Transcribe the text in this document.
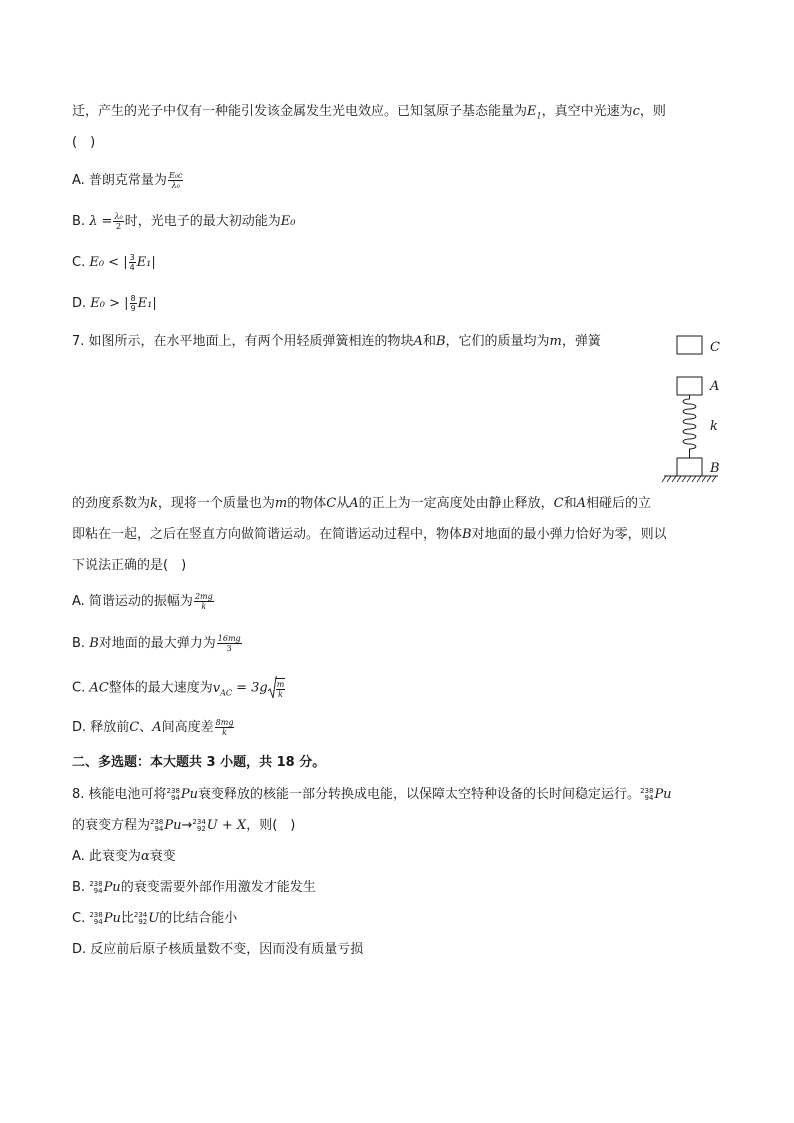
迁，产生的光子中仅有一种能引发该金属发生光电效应。已知氢原子基态能量为$E_1$，真空中光速为c，则
(　)
A. 普朗克常量为 $\frac{\text{E₀c}}{\text{λ₀}}$
B. $\lambda = \frac{\text{λ₀}}{2}$ 时，光电子的最大初动能为E₀
C. E₀ < | $\frac{3}{4} E_1|$
D. E₀ > | $\frac{8}{9} E_1|$
7. 如图所示，在水平地面上，有两个用轻质弹簧相连的物块A和B，它们的质量均为m，弹簧	C
A
k
B
的劲度系数为k，现将一个质量也为m的物体C从A的正上为一定高度处由静止释放，C和A相碰后的立
即粘在一起，之后在竖直方向做简谐运动。在简谐运动过程中，物体B对地面的最小弹力恰好为零，则以
下说法正确的是(　)
A. 简谐运动的振幅为 $\frac{2mg}{k}$
B. B对地面的最大弹力为 $\frac{16mg}{3}$
C. AC整体的最大速度为$v_{AC} = 3g \frac{m}{k}$
D. 释放前C、A间高度差 $\frac{8mg}{k}$
二、多选题：本大题共 3 小题，共 18 分。
8. 核能电池可将 238
94 Pu衰变释放的核能一部分转换成电能，以保障太空特种设备的长时间稳定运行。 238
94 Pu
的衰变方程为 238
94 Pu→ 234
92 U + X，则(　)
A. 此衰变为α衰变
B. 238
94 Pu的衰变需要外部作用激发才能发生
C. 238
94 Pu比 234
92 U的比结合能小
D. 反应前后原子核质量数不变，因而没有质量亏损
